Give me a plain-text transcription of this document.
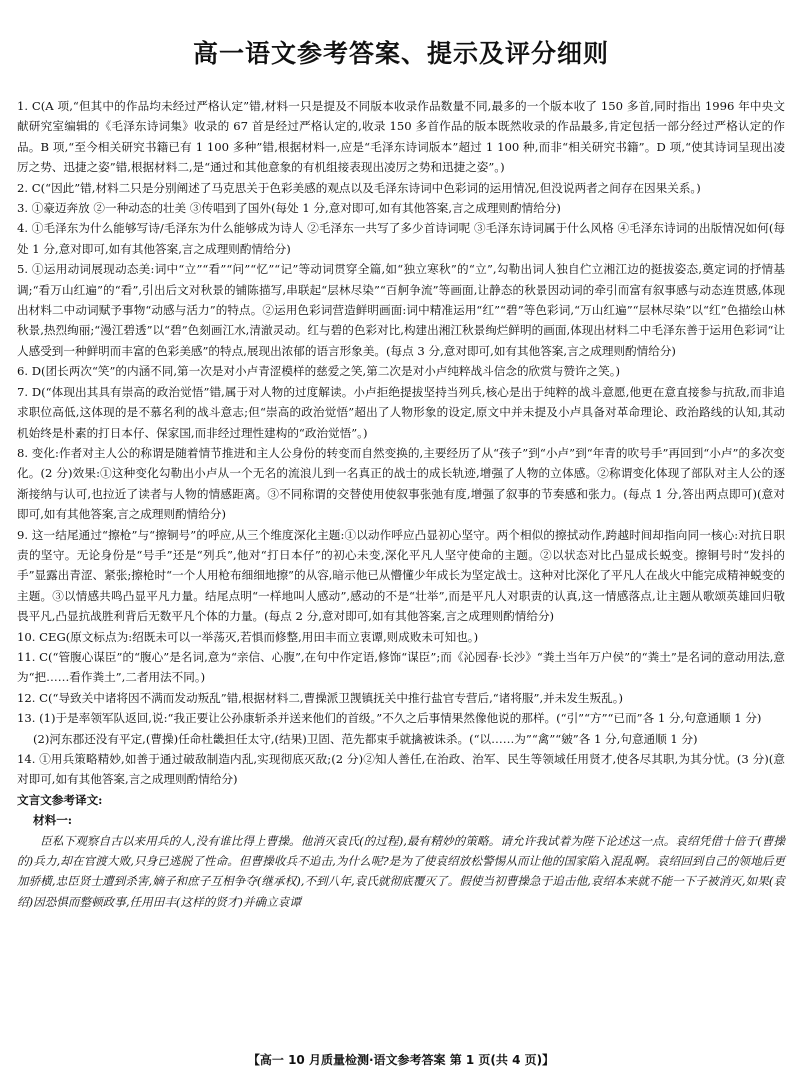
高一语文参考答案、提示及评分细则

1. C(A 项,“但其中的作品均未经过严格认定”错,材料一只是提及不同版本收录作品数量不同,最多的一个版本收了 150 多首,同时指出 1996 年中央文献研究室编辑的《毛泽东诗词集》收录的 67 首是经过严格认定的,收录 150 多首作品的版本既然收录的作品最多,肯定包括一部分经过严格认定的作品。B 项,“至今相关研究书籍已有 1 100 多种”错,根据材料一,应是“毛泽东诗词版本”超过 1 100 种,而非“相关研究书籍”。D 项,“使其诗词呈现出凌厉之势、迅捷之姿”错,根据材料二,是“通过和其他意象的有机组接表现出凌厉之势和迅捷之姿”。)

2. C(“因此”错,材料二只是分别阐述了马克思关于色彩美感的观点以及毛泽东诗词中色彩词的运用情况,但没说两者之间存在因果关系。)

3. ①豪迈奔放 ②一种动态的壮美 ③传唱到了国外(每处 1 分,意对即可,如有其他答案,言之成理则酌情给分)

4. ①毛泽东为什么能够写诗/毛泽东为什么能够成为诗人 ②毛泽东一共写了多少首诗词呢 ③毛泽东诗词属于什么风格 ④毛泽东诗词的出版情况如何(每处 1 分,意对即可,如有其他答案,言之成理则酌情给分)

5. ①运用动词展现动态美:词中“立”“看”“问”“忆”“记”等动词贯穿全篇,如“独立寒秋”的“立”,勾勒出词人独自伫立湘江边的挺拔姿态,奠定词的抒情基调;“看万山红遍”的“看”,引出后文对秋景的铺陈描写,串联起“层林尽染”“百舸争流”等画面,让静态的秋景因动词的牵引而富有叙事感与动态连贯感,体现出材料二中动词赋予事物“动感与活力”的特点。②运用色彩词营造鲜明画面:词中精准运用“红”“碧”等色彩词,“万山红遍”“层林尽染”以“红”色描绘山林秋景,热烈绚丽;“漫江碧透”以“碧”色刻画江水,清澈灵动。红与碧的色彩对比,构建出湘江秋景绚烂鲜明的画面,体现出材料二中毛泽东善于运用色彩词“让人感受到一种鲜明而丰富的色彩美感”的特点,展现出浓郁的语言形象美。(每点 3 分,意对即可,如有其他答案,言之成理则酌情给分)

6. D(团长两次“笑”的内涵不同,第一次是对小卢青涩模样的慈爱之笑,第二次是对小卢纯粹战斗信念的欣赏与赞许之笑。)

7. D(“体现出其具有崇高的政治觉悟”错,属于对人物的过度解读。小卢拒绝提拔坚持当列兵,核心是出于纯粹的战斗意愿,他更在意直接参与抗敌,而非追求职位高低,这体现的是不慕名利的战斗意志;但“崇高的政治觉悟”超出了人物形象的设定,原文中并未提及小卢具备对革命理论、政治路线的认知,其动机始终是朴素的打日本仔、保家国,而非经过理性建构的“政治觉悟”。)

8. 变化:作者对主人公的称谓是随着情节推进和主人公身份的转变而自然变换的,主要经历了从“孩子”到“小卢”到“年青的吹号手”再回到“小卢”的多次变化。(2 分)效果:①这种变化勾勒出小卢从一个无名的流浪儿到一名真正的战士的成长轨迹,增强了人物的立体感。②称谓变化体现了部队对主人公的逐渐接纳与认可,也拉近了读者与人物的情感距离。③不同称谓的交替使用使叙事张弛有度,增强了叙事的节奏感和张力。(每点 1 分,答出两点即可)(意对即可,如有其他答案,言之成理则酌情给分)

9. 这一结尾通过“擦枪”与“擦铜号”的呼应,从三个维度深化主题:①以动作呼应凸显初心坚守。两个相似的擦拭动作,跨越时间却指向同一核心:对抗日职责的坚守。无论身份是“号手”还是“列兵”,他对“打日本仔”的初心未变,深化平凡人坚守使命的主题。②以状态对比凸显成长蜕变。擦铜号时“发抖的手”显露出青涩、紧张;擦枪时“一个人用枪布细细地擦”的从容,暗示他已从懵懂少年成长为坚定战士。这种对比深化了平凡人在战火中能完成精神蜕变的主题。③以情感共鸣凸显平凡力量。结尾点明“一样地叫人感动”,感动的不是“壮举”,而是平凡人对职责的认真,这一情感落点,让主题从歌颂英雄回归敬畏平凡,凸显抗战胜利背后无数平凡个体的力量。(每点 2 分,意对即可,如有其他答案,言之成理则酌情给分)

10. CEG(原文标点为:绍既未可以一举荡灭,若惧而修整,用田丰而立衷谭,则成败未可知也。)

11. C(“管腹心谋臣”的“腹心”是名词,意为“亲信、心腹”,在句中作定语,修饰“谋臣”;而《沁园春·长沙》“粪土当年万户侯”的“粪土”是名词的意动用法,意为“把……看作粪土”,二者用法不同。)

12. C(“导致关中诸将因不满而发动叛乱”错,根据材料二,曹操派卫觊镇抚关中推行盐官专营后,“诸将服”,并未发生叛乱。)

13. (1)于是率领军队返回,说:“我正要让公孙康斩杀并送来他们的首级。”不久之后事情果然像他说的那样。(“引”“方”“已而”各 1 分,句意通顺 1 分)

(2)河东郡还没有平定,(曹操)任命杜畿担任太守,(结果)卫固、范先都束手就擒被诛杀。(“以……为”“禽”“皴”各 1 分,句意通顺 1 分)

14. ①用兵策略精妙,如善于通过破敌制造内乱,实现彻底灭敌;(2 分)②知人善任,在治政、治军、民生等领域任用贤才,使各尽其职,为其分忧。(3 分)(意对即可,如有其他答案,言之成理则酌情给分)

文言文参考译文:

材料一:

臣私下观察自古以来用兵的人,没有谁比得上曹操。他消灭袁氏(的过程),最有精妙的策略。请允许我试着为陛下论述这一点。袁绍凭借十倍于(曹操的)兵力,却在官渡大败,只身已逃脱了性命。但曹操收兵不追击,为什么呢?是为了使袁绍放松警惕从而让他的国家陷入混乱啊。袁绍回到自己的领地后更加骄横,忠臣贤士遭到杀害,嫡子和庶子互相争夺(继承权),不到八年,袁氏就彻底覆灭了。假使当初曹操急于追击他,袁绍本来就不能一下子被消灭,如果(袁绍)因恐惧而整顿政事,任用田丰(这样的贤才)并确立袁谭

【高一 10 月质量检测·语文参考答案 第 1 页(共 4 页)】
